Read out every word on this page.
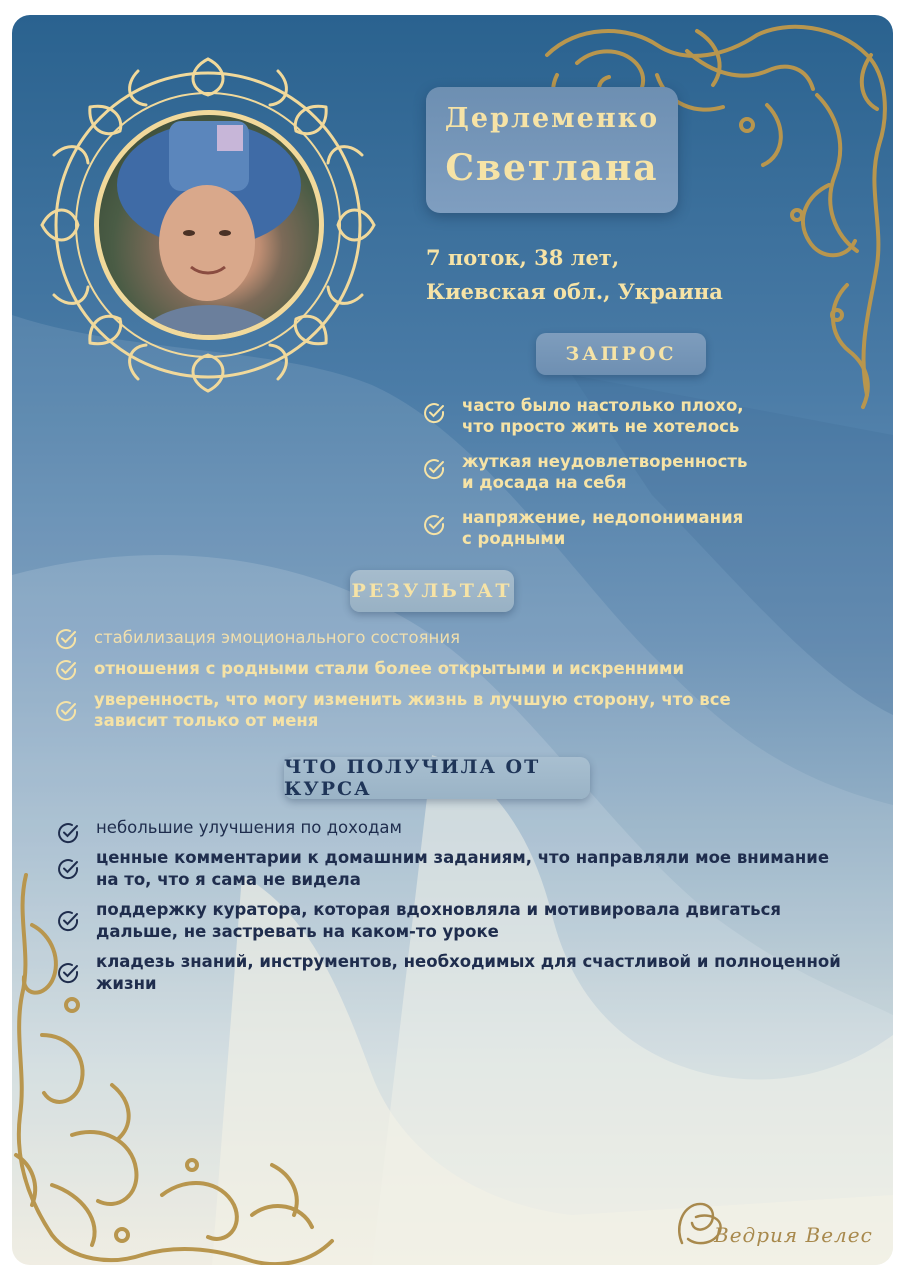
Дерлеменко
Светлана
7 поток, 38 лет,
Киевская обл., Украина
ЗАПРОС
часто было настолько плохо,
что просто жить не хотелось
жуткая неудовлетворенность
и досада на себя
напряжение, недопонимания
с родными
РЕЗУЛЬТАТ
стабилизация эмоционального состояния
отношения с родными стали более открытыми и искренними
уверенность, что могу изменить жизнь в лучшую сторону, что все
зависит только от меня
ЧТО ПОЛУЧИЛА ОТ КУРСА
небольшие улучшения по доходам
ценные комментарии к домашним заданиям, что направляли мое внимание
на то, что я сама не видела
поддержку куратора, которая вдохновляла и мотивировала двигаться
дальше, не застревать на каком-то уроке
кладезь знаний, инструментов, необходимых для счастливой и полноценной
жизни
Ведрия Велес
